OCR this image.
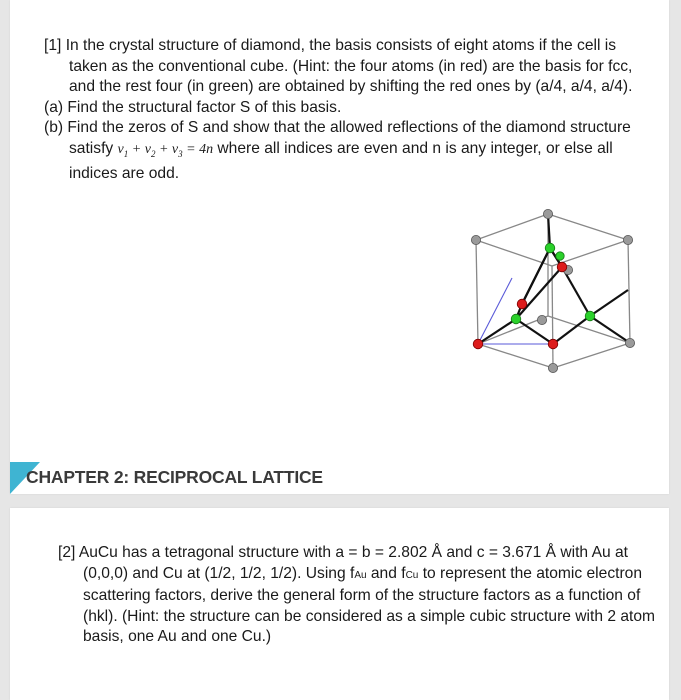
[1] In the crystal structure of diamond, the basis consists of eight atoms if the cell is taken as the conventional cube. (Hint: the four atoms (in red) are the basis for fcc, and the rest four (in green) are obtained by shifting the red ones by (a/4, a/4, a/4).

(a) Find the structural factor S of this basis.

(b) Find the zeros of S and show that the allowed reflections of the diamond structure satisfy $v_1 + v_2 + v_3 = 4n$ where all indices are even and n is any integer, or else all indices are odd.

CHAPTER 2: RECIPROCAL LATTICE

[2] AuCu has a tetragonal structure with a = b = 2.802 Å and c = 3.671 Å with Au at (0,0,0) and Cu at (1/2, 1/2, 1/2). Using fAu and fCu to represent the atomic electron scattering factors, derive the general form of the structure factors as a function of (hkl). (Hint: the structure can be considered as a simple cubic structure with 2 atom basis, one Au and one Cu.)
